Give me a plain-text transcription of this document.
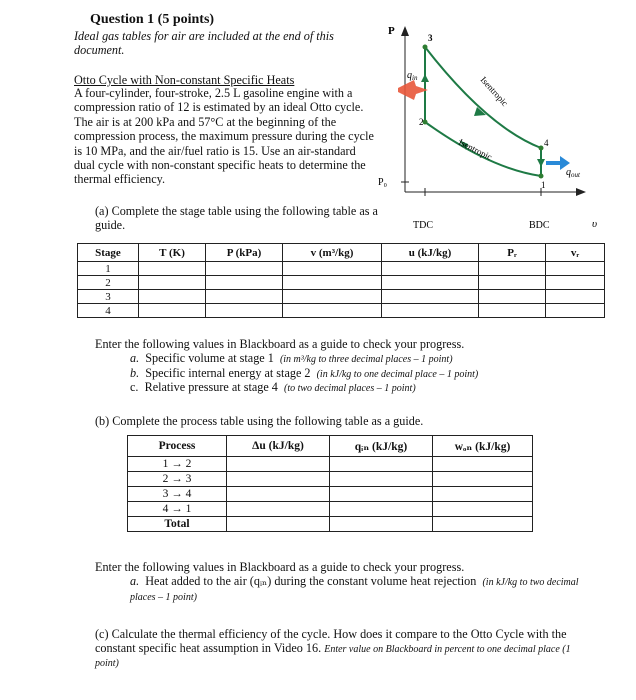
Question 1 (5 points)
Ideal gas tables for air are included at the end of this document.
Otto Cycle with Non-constant Specific Heats
A four-cylinder, four-stroke, 2.5 L gasoline engine with a compression ratio of 12 is estimated by an ideal Otto cycle. The air is at 200 kPa and 57°C at the beginning of the compression process, the maximum pressure during the cycle is 10 MPa, and the air/fuel ratio is 15. Use an air-standard dual cycle with non-constant specific heats to determine the thermal efficiency.
P
υ
P₀
TDC	BDC
3
2
4
1
$q_{in}$
$q_{out}$
Isentropic
Isentropic
(a) Complete the stage table using the following table as a guide.
Stage	T (K)	P (kPa)	v (m³/kg)	u (kJ/kg)	Pᵣ	vᵣ
1						
2						
3						
4						
Enter the following values in Blackboard as a guide to check your progress.
a. Specific volume at stage 1 (in m³/kg to three decimal places – 1 point)
b. Specific internal energy at stage 2 (in kJ/kg to one decimal place – 1 point)
c. Relative pressure at stage 4 (to two decimal places – 1 point)
(b) Complete the process table using the following table as a guide.
Process	Δu (kJ/kg)	qᵢₙ (kJ/kg)	wₒₙ (kJ/kg)
1 → 2			
2 → 3			
3 → 4			
4 → 1			
Total			
Enter the following values in Blackboard as a guide to check your progress.
a. Heat added to the air (qᵢₙ) during the constant volume heat rejection (in kJ/kg to two decimal places – 1 point)
(c) Calculate the thermal efficiency of the cycle. How does it compare to the Otto Cycle with the constant specific heat assumption in Video 16. Enter value on Blackboard in percent to one decimal place (1 point)
